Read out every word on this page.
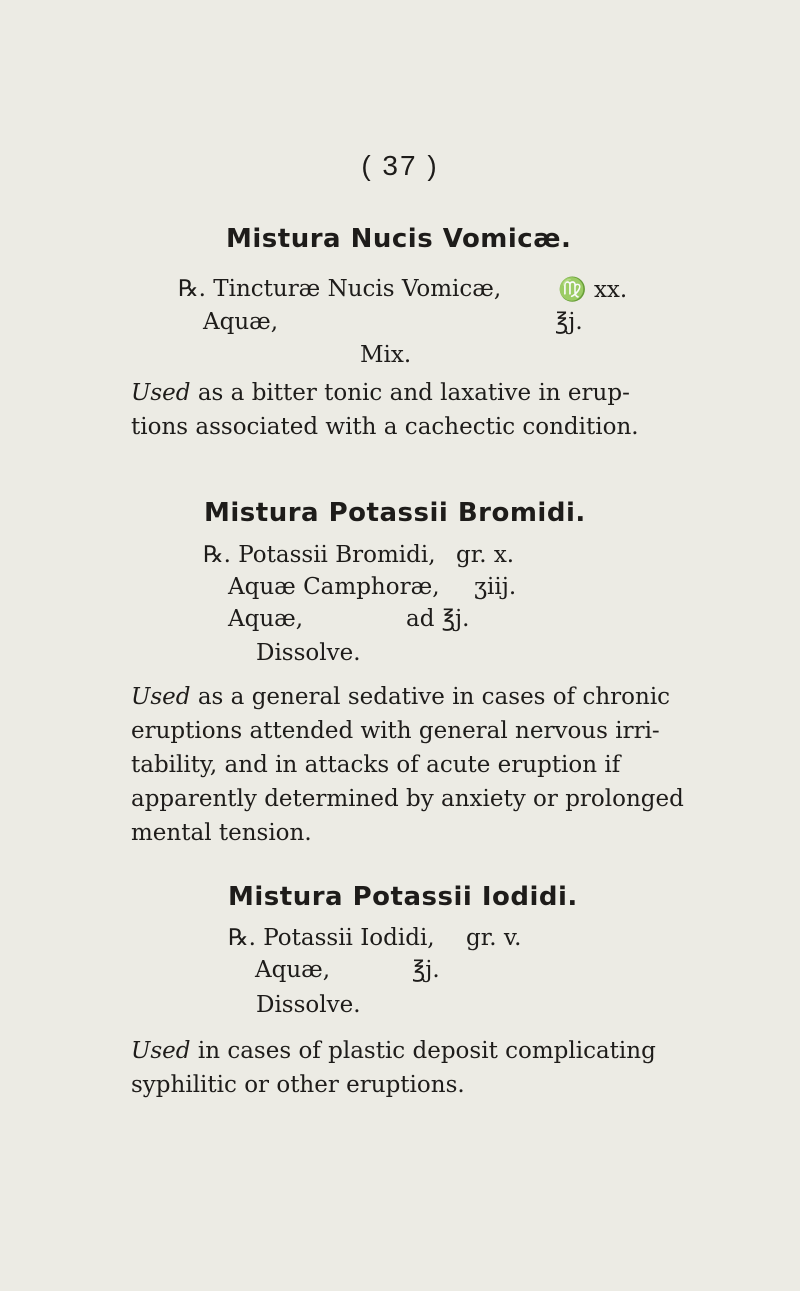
( 37 )
Mistura Nucis Vomicæ.
℞. Tincturæ Nucis Vomicæ, ♍ xx.
Aquæ,	℥j.
Mix.
Used as a bitter tonic and laxative in erup-
tions associated with a cachectic condition.
Mistura Potassii Bromidi.
℞. Potassii Bromidi, gr. x.
Aquæ Camphoræ, ʒiij.
Aquæ,	ad ℥j.
Dissolve.
Used as a general sedative in cases of chronic
eruptions attended with general nervous irri-
tability, and in attacks of acute eruption if
apparently determined by anxiety or prolonged
mental tension.
Mistura Potassii Iodidi.
℞. Potassii Iodidi, gr. v.
Aquæ,	℥j.
Dissolve.
Used in cases of plastic deposit complicating
syphilitic or other eruptions.
